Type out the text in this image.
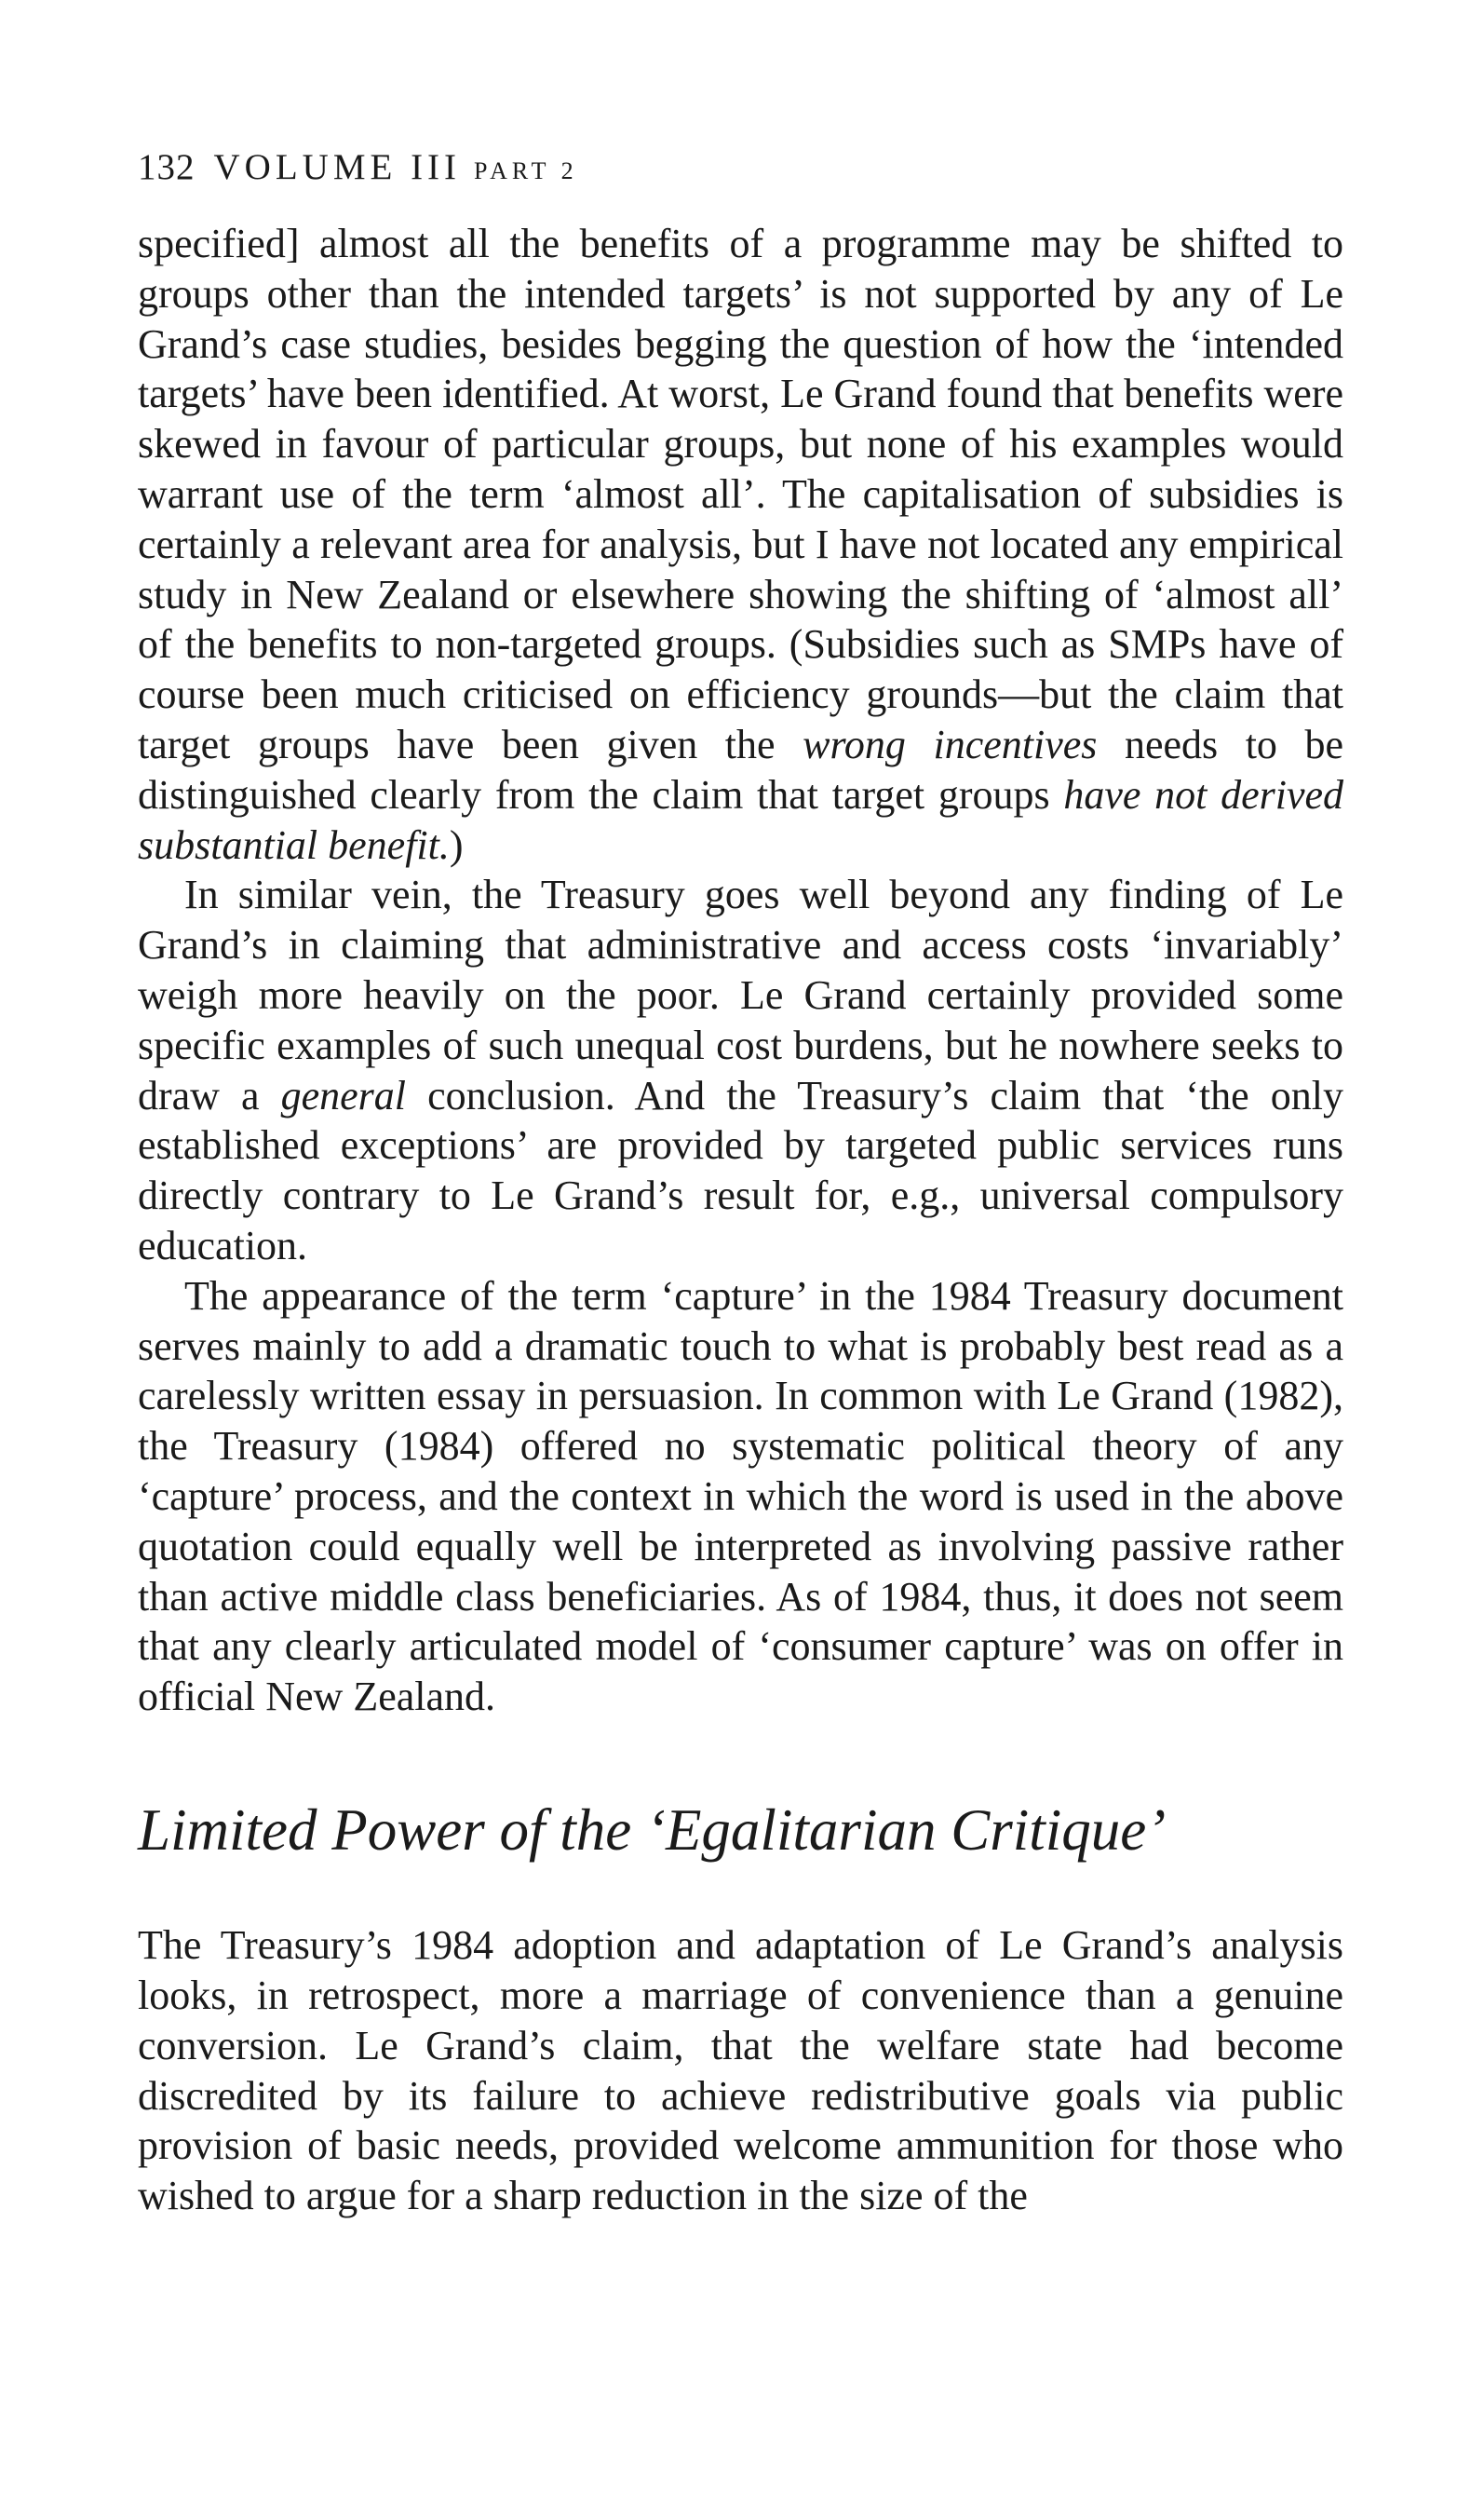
132 VOLUME III PART 2

specified] almost all the benefits of a programme may be shifted to groups other than the intended targets’ is not supported by any of Le Grand’s case studies, besides begging the question of how the ‘intended targets’ have been identified. At worst, Le Grand found that benefits were skewed in favour of particular groups, but none of his examples would warrant use of the term ‘almost all’. The capitalisation of subsidies is certainly a relevant area for analysis, but I have not located any empirical study in New Zealand or elsewhere showing the shifting of ‘almost all’ of the benefits to non-targeted groups. (Subsidies such as SMPs have of course been much criticised on efficiency grounds—but the claim that target groups have been given the wrong incentives needs to be distinguished clearly from the claim that target groups have not derived substantial benefit.)

In similar vein, the Treasury goes well beyond any finding of Le Grand’s in claiming that administrative and access costs ‘invariably’ weigh more heavily on the poor. Le Grand certainly provided some specific examples of such unequal cost burdens, but he nowhere seeks to draw a general conclusion. And the Treasury’s claim that ‘the only established exceptions’ are provided by targeted public services runs directly contrary to Le Grand’s result for, e.g., universal compulsory education.

The appearance of the term ‘capture’ in the 1984 Treasury document serves mainly to add a dramatic touch to what is probably best read as a carelessly written essay in persuasion. In common with Le Grand (1982), the Treasury (1984) offered no systematic political theory of any ‘capture’ process, and the context in which the word is used in the above quotation could equally well be interpreted as involving passive rather than active middle class beneficiaries. As of 1984, thus, it does not seem that any clearly articulated model of ‘consumer capture’ was on offer in official New Zealand.

Limited Power of the ‘Egalitarian Critique’

The Treasury’s 1984 adoption and adaptation of Le Grand’s analysis looks, in retrospect, more a marriage of convenience than a genuine conversion. Le Grand’s claim, that the welfare state had become discredited by its failure to achieve redistributive goals via public provision of basic needs, provided welcome ammunition for those who wished to argue for a sharp reduction in the size of the
